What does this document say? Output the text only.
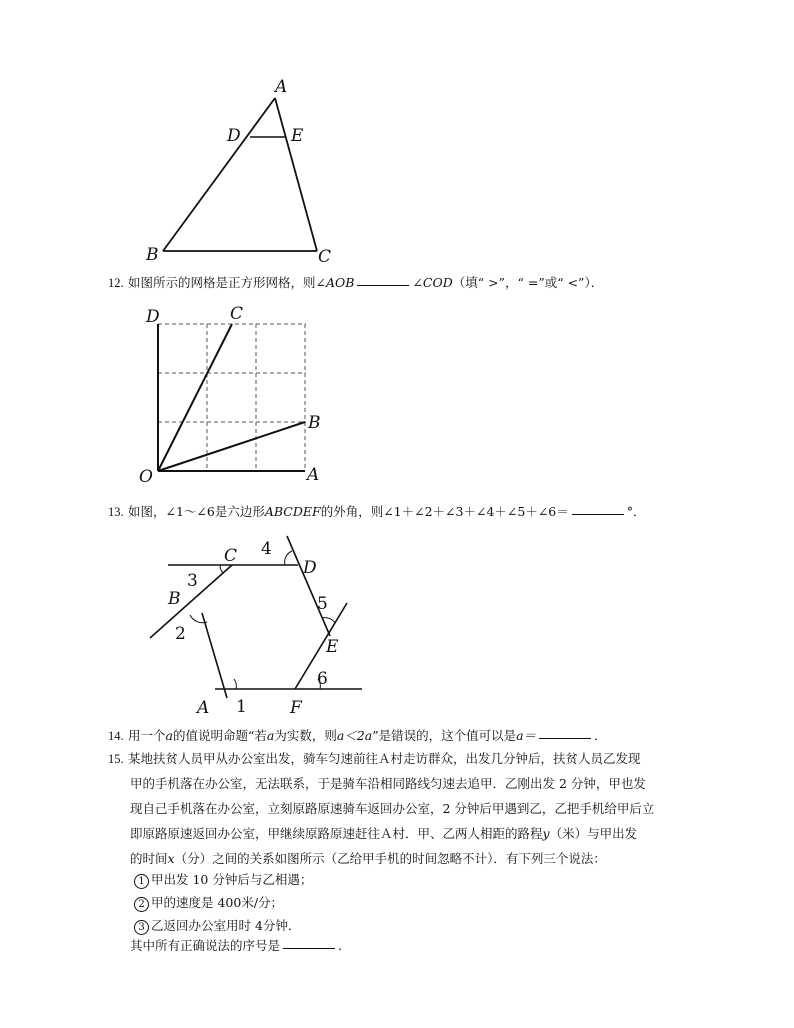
A
D	E
B	C
12. 如图所示的网格是正方形网格，则∠AOB	∠COD（填“ >”，“ =”或“ <”）．
D	C
B
O	A
13. 如图，∠1～∠6是六边形ABCDEF的外角，则∠1＋∠2＋∠3＋∠4＋∠5＋∠6＝	°．
C
D
B
E
A	F
1
2
3
4
5
6
14. 用一个a的值说明命题“若a为实数，则a＜2a”是错误的，这个值可以是a＝	．
15. 某地扶贫人员甲从办公室出发，骑车匀速前往Ａ村走访群众，出发几分钟后，扶贫人员乙发现
甲的手机落在办公室，无法联系，于是骑车沿相同路线匀速去追甲．乙刚出发 2 分钟，甲也发
现自己手机落在办公室，立刻原路原速骑车返回办公室，2 分钟后甲遇到乙，乙把手机给甲后立
即原路原速返回办公室，甲继续原路原速赶往Ａ村．甲、乙两人相距的路程y（米）与甲出发
的时间x（分）之间的关系如图所示（乙给甲手机的时间忽略不计）．有下列三个说法：
1 甲出发 10 分钟后与乙相遇；
2 甲的速度是 400米/分；
3 乙返回办公室用时 4分钟．
其中所有正确说法的序号是	．
